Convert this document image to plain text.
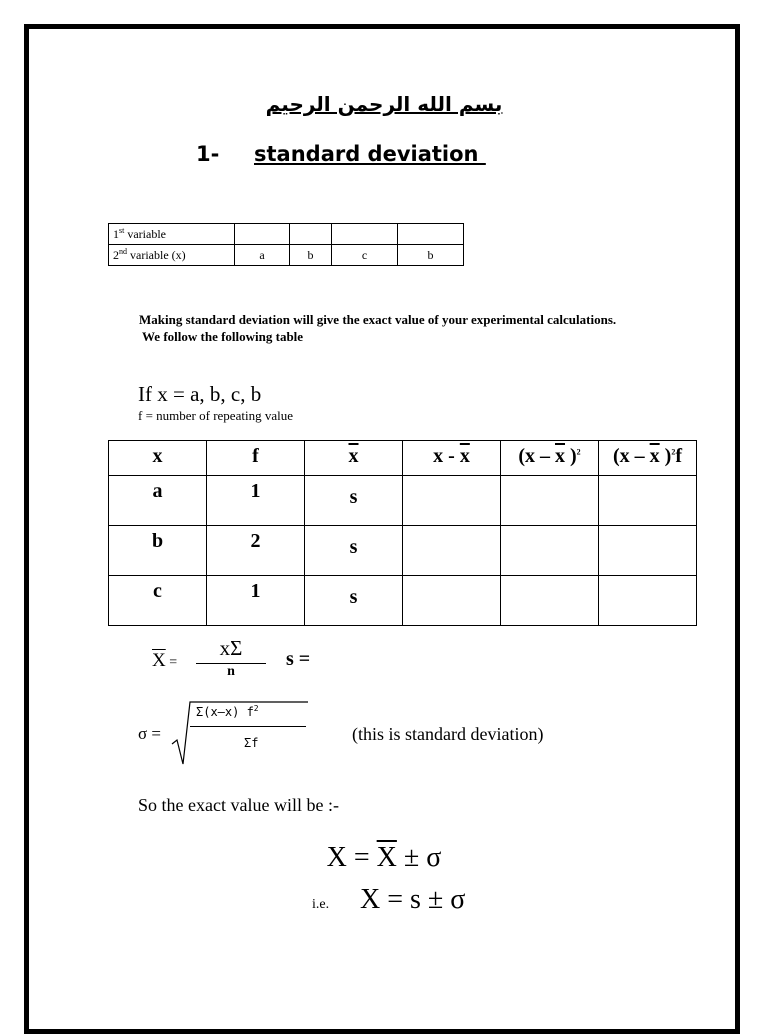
بسم الله الرحمن الرحيم
1- standard deviation
1st variable				
2nd variable (x)	a	b	c	b
Making standard deviation will give the exact value of your experimental calculations.
We follow the following table
If x = a, b, c, b
f = number of repeating value
x	f	$\overline{x}$	x - $\overline{x}$	($x - \overline{x}$ )$^2$	($x - \overline{x}$ )$^2$f
a	1	s			
b	2	s			
c	1	s			
$\overline{X}$ =
xΣ
n
s =
σ =
Σ(x–x) $f^2$
Σf	(this is standard deviation)
So the exact value will be :-
$X = \overline{X} \pm \sigma$
i.e. X = s ± σ
